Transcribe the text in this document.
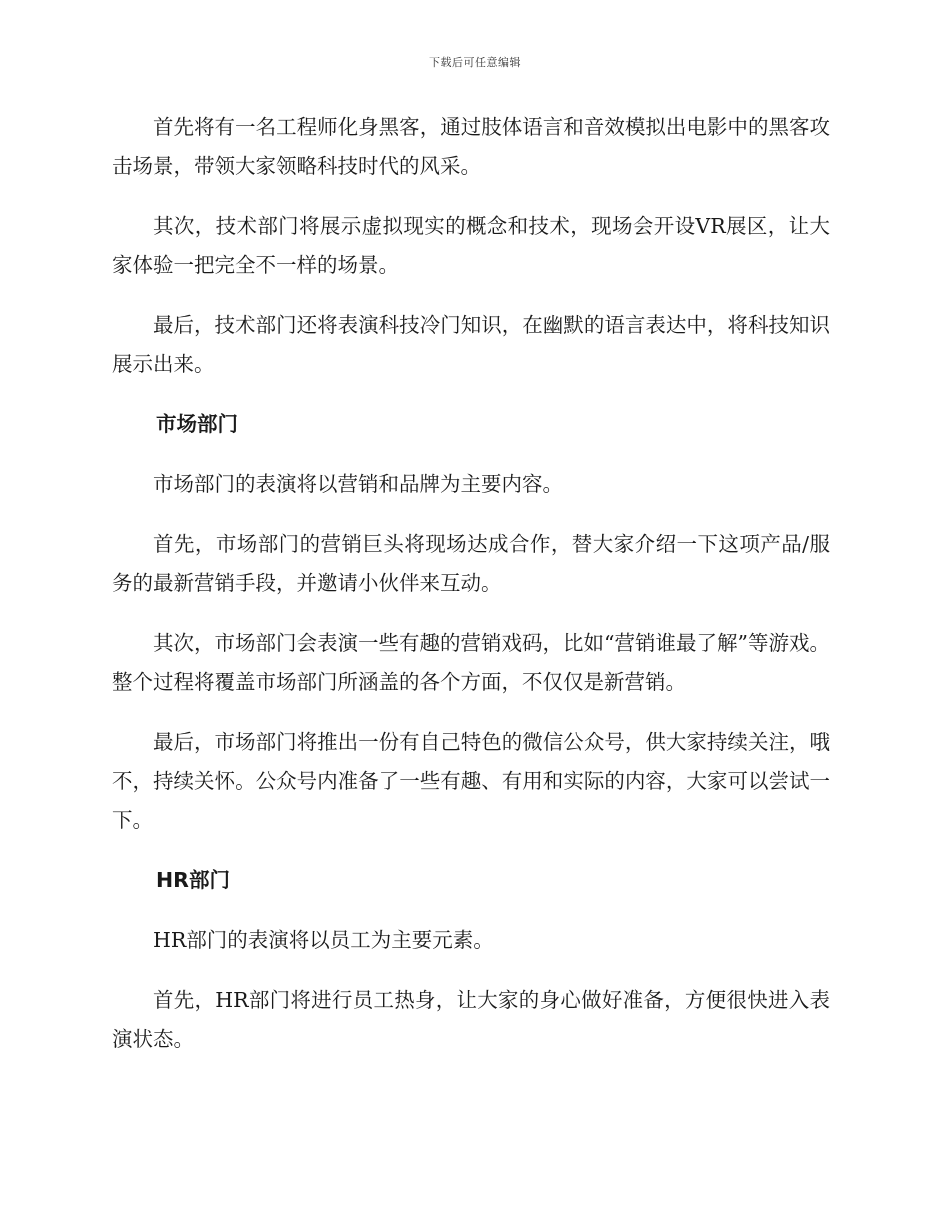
下载后可任意编辑

首先将有一名工程师化身黑客，通过肢体语言和音效模拟出电影中的黑客攻击场景，带领大家领略科技时代的风采。

其次，技术部门将展示虚拟现实的概念和技术，现场会开设VR展区，让大家体验一把完全不一样的场景。

最后，技术部门还将表演科技冷门知识，在幽默的语言表达中，将科技知识展示出来。

市场部门

市场部门的表演将以营销和品牌为主要内容。

首先，市场部门的营销巨头将现场达成合作，替大家介绍一下这项产品/服务的最新营销手段，并邀请小伙伴来互动。

其次，市场部门会表演一些有趣的营销戏码，比如“营销谁最了解”等游戏。整个过程将覆盖市场部门所涵盖的各个方面，不仅仅是新营销。

最后，市场部门将推出一份有自己特色的微信公众号，供大家持续关注，哦不，持续关怀。公众号内准备了一些有趣、有用和实际的内容，大家可以尝试一下。

HR部门

HR部门的表演将以员工为主要元素。

首先，HR部门将进行员工热身，让大家的身心做好准备，方便很快进入表演状态。
